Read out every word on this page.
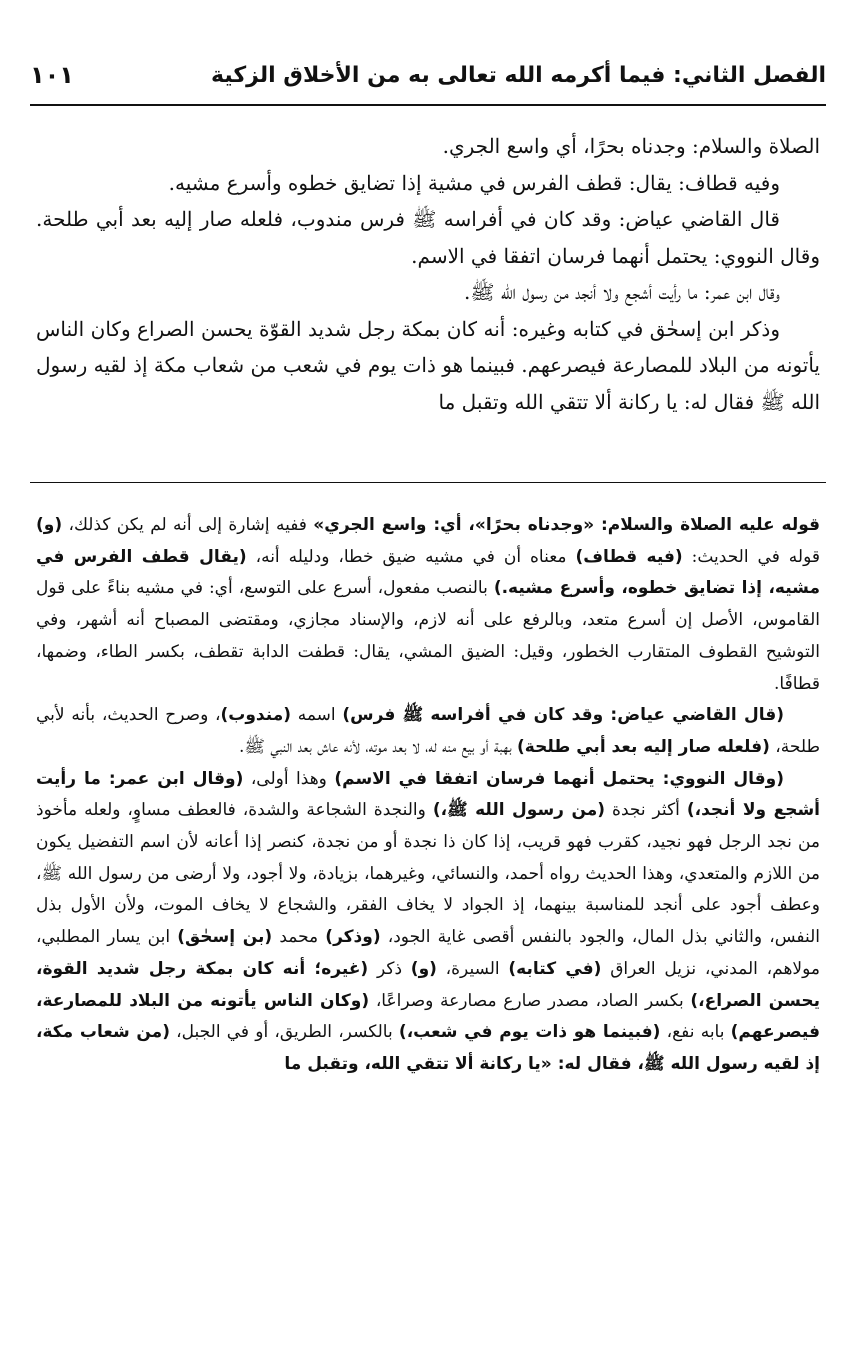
الفصل الثاني: فيما أكرمه الله تعالى به من الأخلاق الزكية
١٠١

الصلاة والسلام: وجدناه بحرًا، أي واسع الجري.

وفيه قطاف: يقال: قطف الفرس في مشية إذا تضايق خطوه وأسرع مشيه.

قال القاضي عياض: وقد كان في أفراسه ﷺ فرس مندوب، فلعله صار إليه بعد أبي طلحة. وقال النووي: يحتمل أنهما فرسان اتفقا في الاسم.

وقال ابن عمر: ما رأيت أشجع ولا أنجد من رسول الله ﷺ.

وذكر ابن إسحٰق في كتابه وغيره: أنه كان بمكة رجل شديد القوّة يحسن الصراع وكان الناس يأتونه من البلاد للمصارعة فيصرعهم. فبينما هو ذات يوم في شعب من شعاب مكة إذ لقيه رسول الله ﷺ فقال له: يا ركانة ألا تتقي الله وتقبل ما

قوله عليه الصلاة والسلام: «وجدناه بحرًا»، أي: واسع الجري» ففيه إشارة إلى أنه لم يكن كذلك، (و) قوله في الحديث: (فيه قطاف) معناه أن في مشيه ضيق خطا، ودليله أنه، (يقال قطف الفرس في مشيه، إذا تضايق خطوه، وأسرع مشيه.) بالنصب مفعول، أسرع على التوسع، أي: في مشيه بناءً على قول القاموس، الأصل إن أسرع متعد، وبالرفع على أنه لازم، والإسناد مجازي، ومقتضى المصباح أنه أشهر، وفي التوشيح القطوف المتقارب الخطور، وقيل: الضيق المشي، يقال: قطفت الدابة تقطف، بكسر الطاء، وضمها، قطافًا.

(قال القاضي عياض: وقد كان في أفراسه ﷺ فرس) اسمه (مندوب)، وصرح الحديث، بأنه لأبي طلحة، (فلعله صار إليه بعد أبي طلحة) بهبة أو بيع منه له، لا بعد موته، لأنه عاش بعد النبي ﷺ.

(وقال النووي: يحتمل أنهما فرسان اتفقا في الاسم) وهذا أولى، (وقال ابن عمر: ما رأيت أشجع ولا أنجد،) أكثر نجدة (من رسول الله ﷺ،) والنجدة الشجاعة والشدة، فالعطف مساوٍ، ولعله مأخوذ من نجد الرجل فهو نجيد، كقرب فهو قريب، إذا كان ذا نجدة أو من نجدة، كنصر إذا أعانه لأن اسم التفضيل يكون من اللازم والمتعدي، وهذا الحديث رواه أحمد، والنسائي، وغيرهما، بزيادة، ولا أجود، ولا أرضى من رسول الله ﷺ، وعطف أجود على أنجد للمناسبة بينهما، إذ الجواد لا يخاف الفقر، والشجاع لا يخاف الموت، ولأن الأول بذل النفس، والثاني بذل المال، والجود بالنفس أقصى غاية الجود، (وذكر) محمد (بن إسحٰق) ابن يسار المطلبي، مولاهم، المدني، نزيل العراق (في كتابه) السيرة، (و) ذكر (غيره؛ أنه كان بمكة رجل شديد القوة، يحسن الصراع،) بكسر الصاد، مصدر صارع مصارعة وصراعًا، (وكان الناس يأتونه من البلاد للمصارعة، فيصرعهم) بابه نفع، (فبينما هو ذات يوم في شعب،) بالكسر، الطريق، أو في الجبل، (من شعاب مكة، إذ لقيه رسول الله ﷺ، فقال له: «يا ركانة ألا تتقي الله، وتقبل ما
